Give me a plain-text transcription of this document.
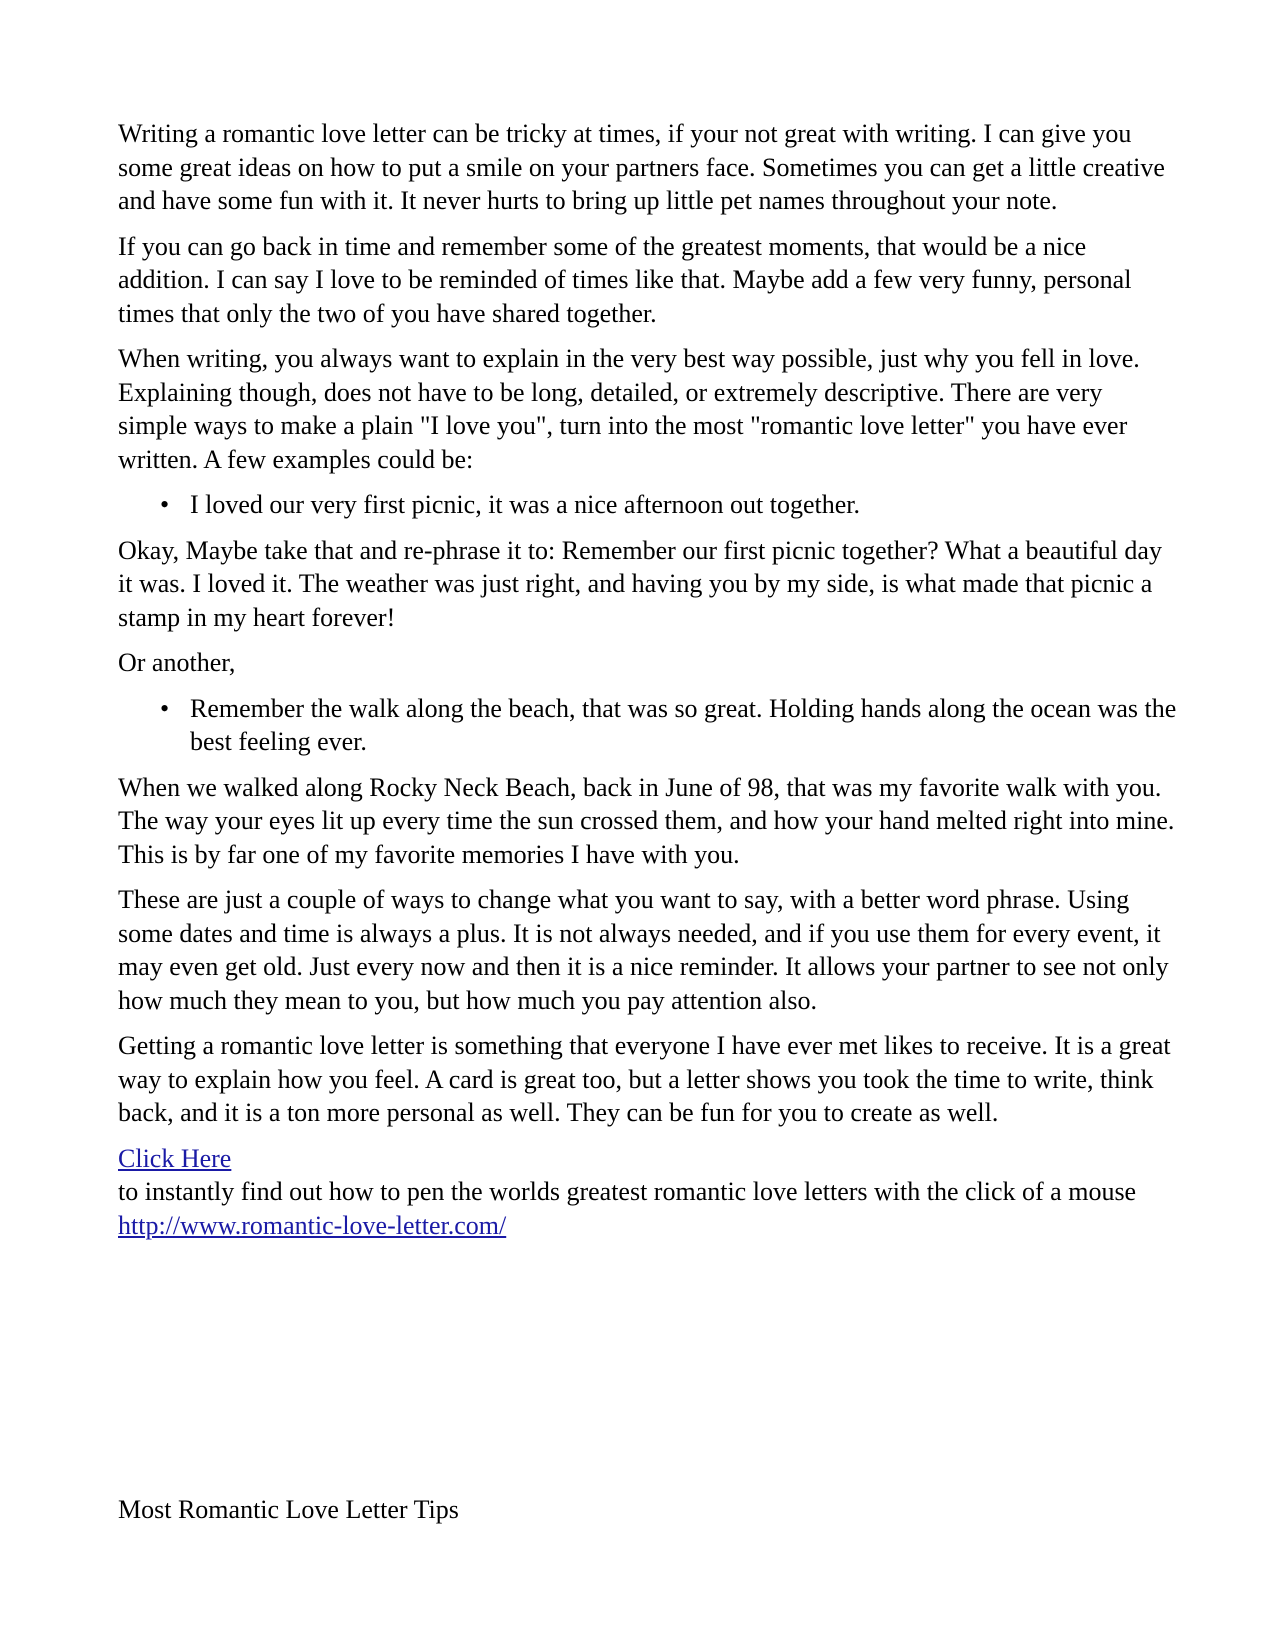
Writing a romantic love letter can be tricky at times, if your not great with writing. I can give you some great ideas on how to put a smile on your partners face. Sometimes you can get a little creative and have some fun with it. It never hurts to bring up little pet names throughout your note.

If you can go back in time and remember some of the greatest moments, that would be a nice addition. I can say I love to be reminded of times like that. Maybe add a few very funny, personal times that only the two of you have shared together.

When writing, you always want to explain in the very best way possible, just why you fell in love. Explaining though, does not have to be long, detailed, or extremely descriptive. There are very simple ways to make a plain "I love you", turn into the most "romantic love letter" you have ever written. A few examples could be:

• I loved our very first picnic, it was a nice afternoon out together.

Okay, Maybe take that and re-phrase it to: Remember our first picnic together? What a beautiful day it was. I loved it. The weather was just right, and having you by my side, is what made that picnic a stamp in my heart forever!

Or another,

• Remember the walk along the beach, that was so great. Holding hands along the ocean was the best feeling ever.

When we walked along Rocky Neck Beach, back in June of 98, that was my favorite walk with you. The way your eyes lit up every time the sun crossed them, and how your hand melted right into mine. This is by far one of my favorite memories I have with you.

These are just a couple of ways to change what you want to say, with a better word phrase. Using some dates and time is always a plus. It is not always needed, and if you use them for every event, it may even get old. Just every now and then it is a nice reminder. It allows your partner to see not only how much they mean to you, but how much you pay attention also.

Getting a romantic love letter is something that everyone I have ever met likes to receive. It is a great way to explain how you feel. A card is great too, but a letter shows you took the time to write, think back, and it is a ton more personal as well. They can be fun for you to create as well.

Click Here

to instantly find out how to pen the worlds greatest romantic love letters with the click of a mouse http://www.romantic-love-letter.com/

Most Romantic Love Letter Tips
